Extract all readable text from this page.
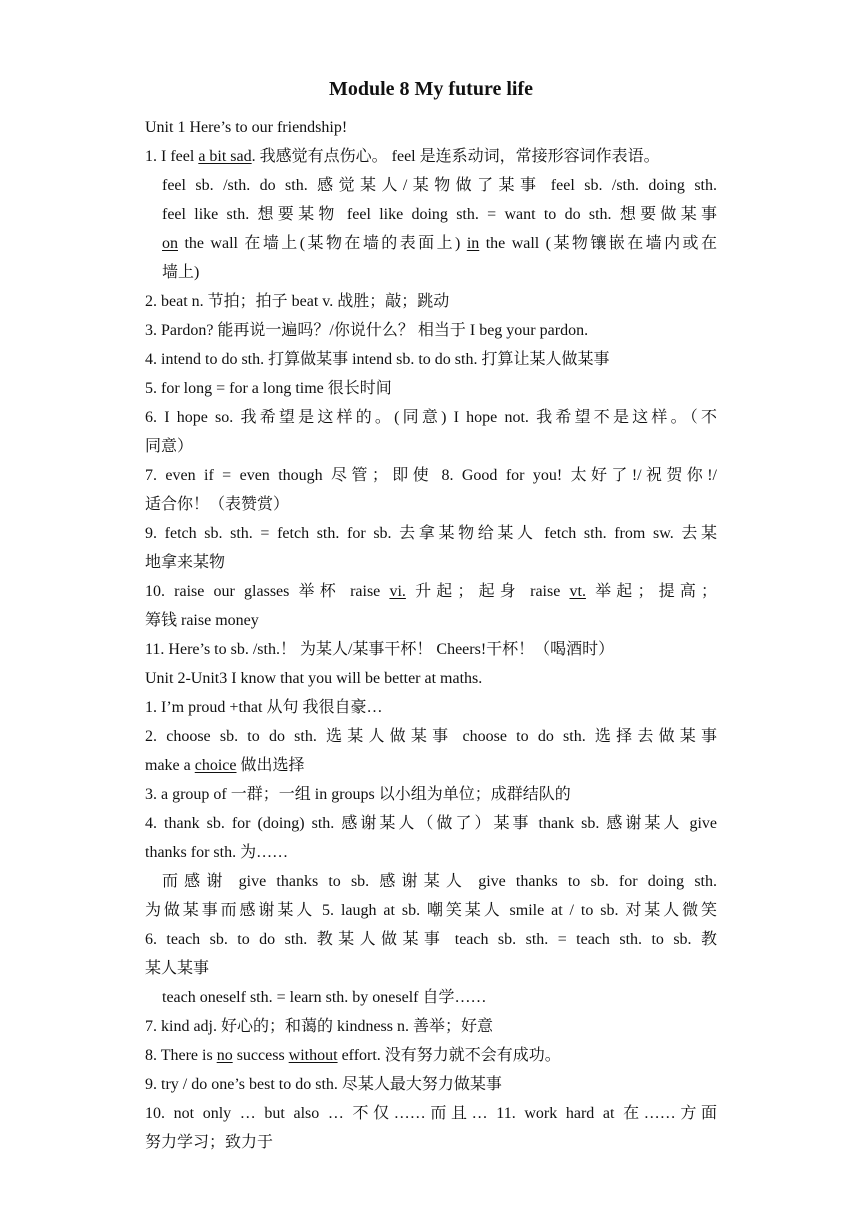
Module 8 My future life
Unit 1 Here’s to our friendship!
1. I feel a bit sad. 我感觉有点伤心。 feel 是连系动词，常接形容词作表语。
feel sb. /sth. do sth. 感觉某人/某物做了某事 feel sb. /sth. doing sth.
feel like sth. 想要某物 feel like doing sth. = want to do sth. 想要做某事
on the wall 在墙上(某物在墙的表面上) in the wall (某物镶嵌在墙内或在
墙上)
2. beat n. 节拍；拍子 beat v. 战胜；敲；跳动
3. Pardon? 能再说一遍吗？/你说什么？ 相当于 I beg your pardon.
4. intend to do sth. 打算做某事 intend sb. to do sth. 打算让某人做某事
5. for long = for a long time 很长时间
6. I hope so. 我希望是这样的。(同意) I hope not. 我希望不是这样。（不
同意）
7. even if = even though 尽管；即使 8. Good for you! 太好了!/祝贺你!/
适合你！（表赞赏）
9. fetch sb. sth. = fetch sth. for sb. 去拿某物给某人 fetch sth. from sw. 去某
地拿来某物
10. raise our glasses 举杯 raise vi. 升起；起身 raise vt. 举起；提高；
筹钱 raise money
11. Here’s to sb. /sth.！ 为某人/某事干杯！ Cheers!干杯！（喝酒时）
Unit 2-Unit3 I know that you will be better at maths.
1. I’m proud +that 从句 我很自豪…
2. choose sb. to do sth. 选某人做某事 choose to do sth. 选择去做某事
make a choice 做出选择
3. a group of 一群；一组 in groups 以小组为单位；成群结队的
4. thank sb. for (doing) sth. 感谢某人（做了）某事 thank sb. 感谢某人 give
thanks for sth. 为……
而感谢 give thanks to sb. 感谢某人 give thanks to sb. for doing sth.
为做某事而感谢某人 5. laugh at sb. 嘲笑某人 smile at / to sb. 对某人微笑
6. teach sb. to do sth. 教某人做某事 teach sb. sth. = teach sth. to sb. 教
某人某事
teach oneself sth. = learn sth. by oneself 自学……
7. kind adj. 好心的；和蔼的 kindness n. 善举；好意
8. There is no success without effort. 没有努力就不会有成功。
9. try / do one’s best to do sth. 尽某人最大努力做某事
10. not only … but also … 不仅……而且… 11. work hard at 在……方面
努力学习；致力于
